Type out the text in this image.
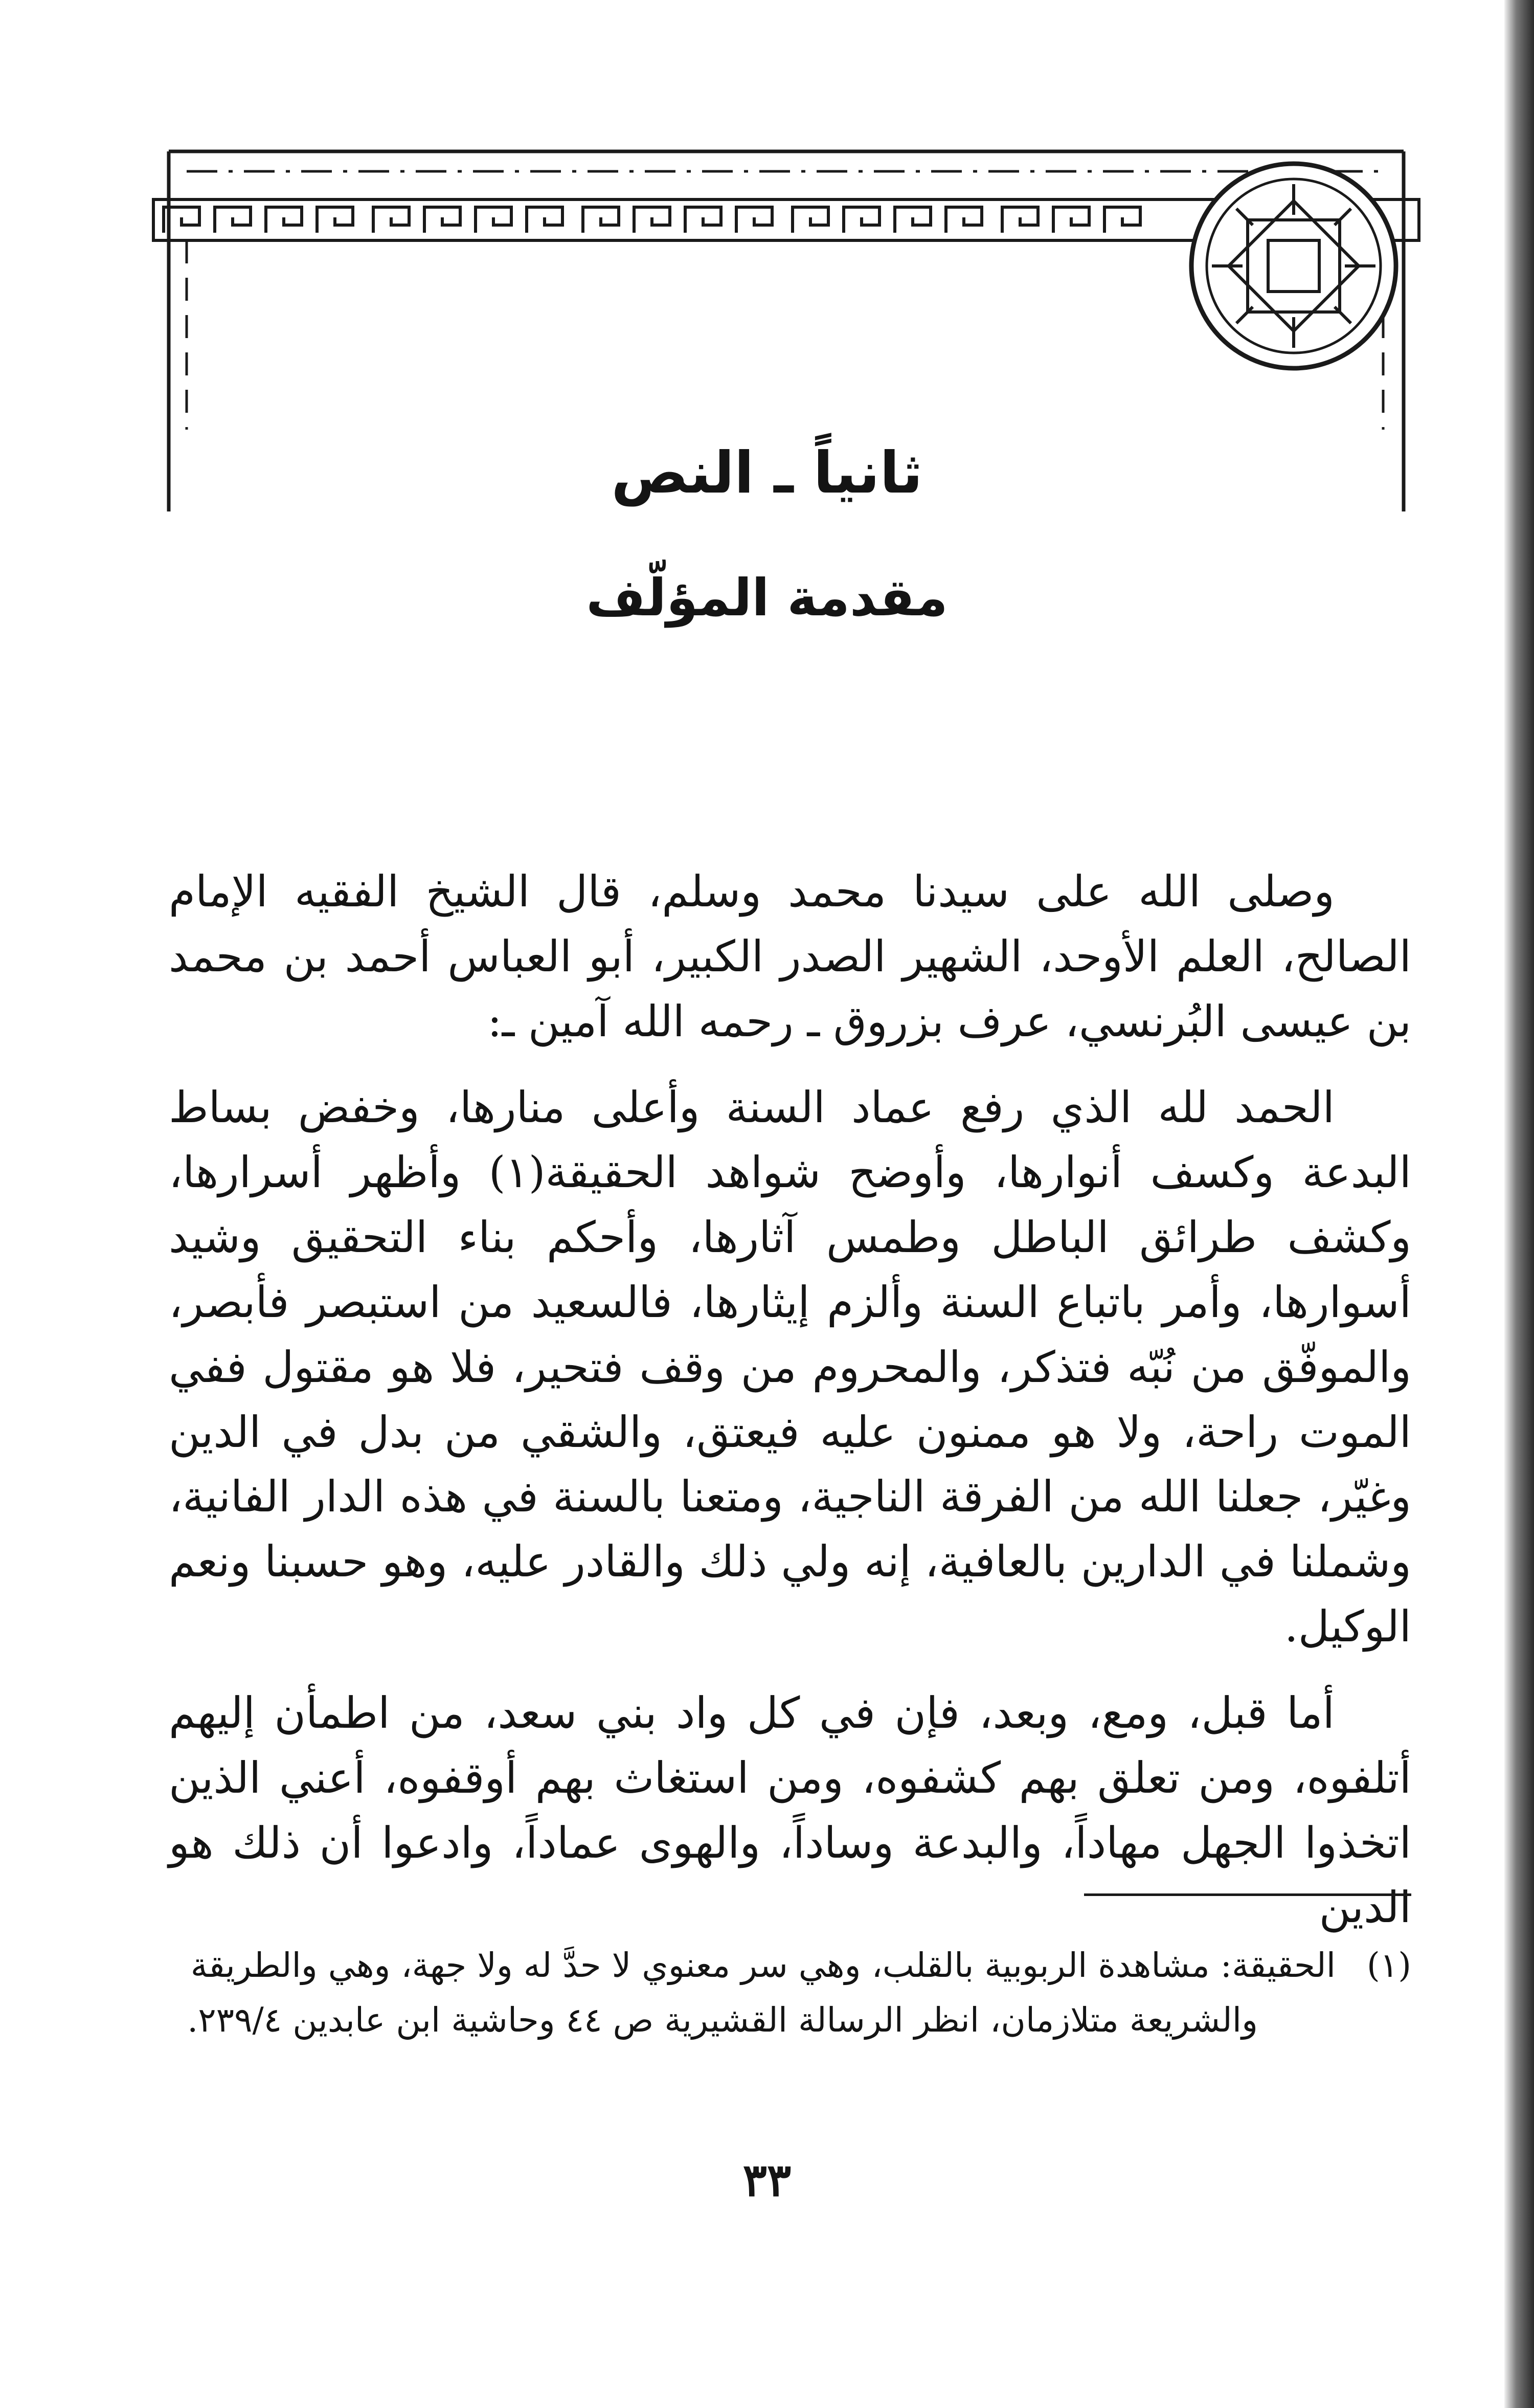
ثانياً ـ النص
مقدمة المؤلّف

وصلى الله على سيدنا محمد وسلم، قال الشيخ الفقيه الإمام الصالح، العلم الأوحد، الشهير الصدر الكبير، أبو العباس أحمد بن محمد بن عيسى البُرنسي، عرف بزروق ـ رحمه الله آمين ـ:

الحمد لله الذي رفع عماد السنة وأعلى منارها، وخفض بساط البدعة وكسف أنوارها، وأوضح شواهد الحقيقة(١) وأظهر أسرارها، وكشف طرائق الباطل وطمس آثارها، وأحكم بناء التحقيق وشيد أسوارها، وأمر باتباع السنة وألزم إيثارها، فالسعيد من استبصر فأبصر، والموفّق من نُبّه فتذكر، والمحروم من وقف فتحير، فلا هو مقتول ففي الموت راحة، ولا هو ممنون عليه فيعتق، والشقي من بدل في الدين وغيّر، جعلنا الله من الفرقة الناجية، ومتعنا بالسنة في هذه الدار الفانية، وشملنا في الدارين بالعافية، إنه ولي ذلك والقادر عليه، وهو حسبنا ونعم الوكيل.

أما قبل، ومع، وبعد، فإن في كل واد بني سعد، من اطمأن إليهم أتلفوه، ومن تعلق بهم كشفوه، ومن استغاث بهم أوقفوه، أعني الذين اتخذوا الجهل مهاداً، والبدعة وساداً، والهوى عماداً، وادعوا أن ذلك هو الدين

(١) الحقيقة: مشاهدة الربوبية بالقلب، وهي سر معنوي لا حدَّ له ولا جهة، وهي والطريقة
والشريعة متلازمان، انظر الرسالة القشيرية ص ٤٤ وحاشية ابن عابدين ٢٣٩/٤.

٣٣
